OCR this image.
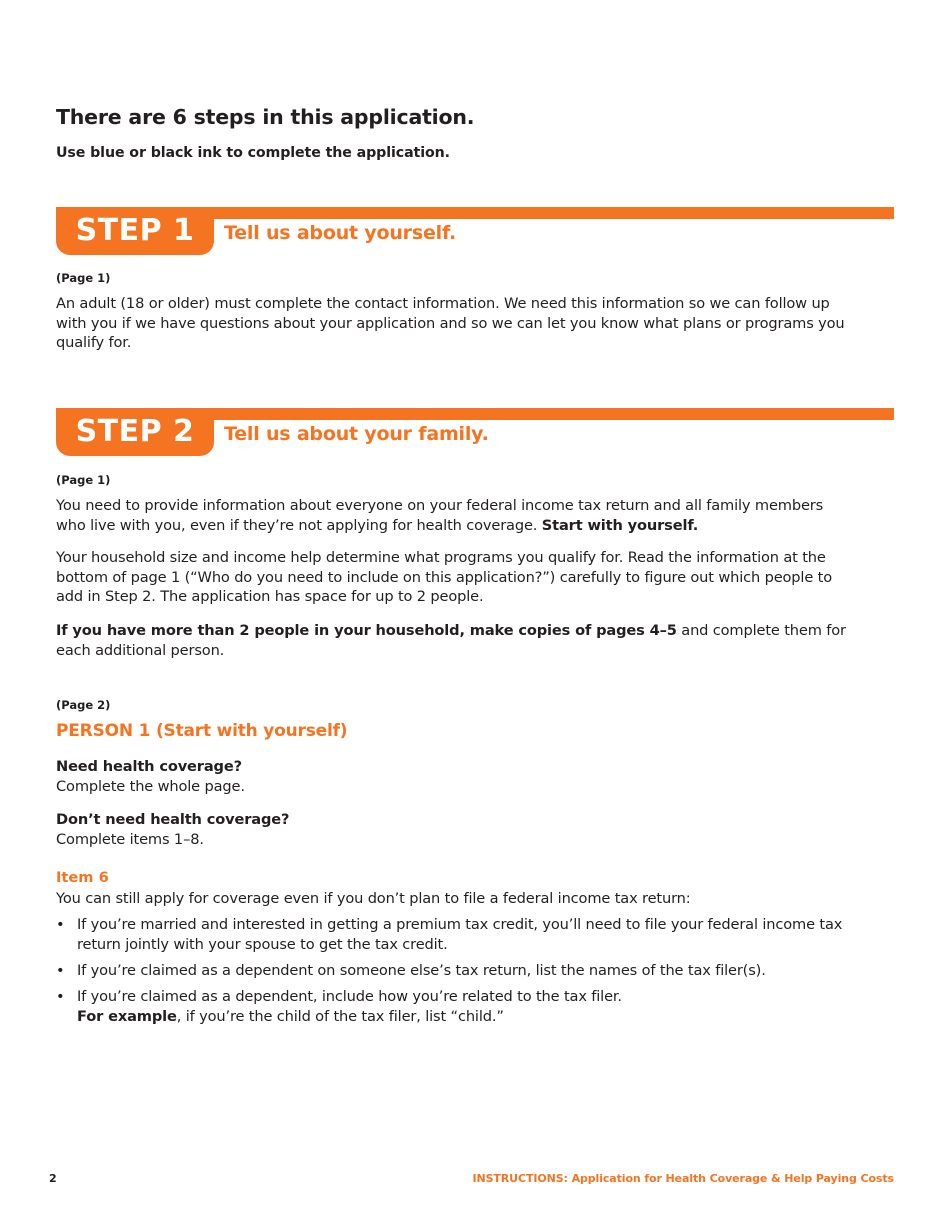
There are 6 steps in this application.
Use blue or black ink to complete the application.
STEP 1	Tell us about yourself.
(Page 1)
An adult (18 or older) must complete the contact information. We need this information so we can follow up with you if we have questions about your application and so we can let you know what plans or programs you qualify for.
STEP 2	Tell us about your family.
(Page 1)
You need to provide information about everyone on your federal income tax return and all family members who live with you, even if they’re not applying for health coverage. Start with yourself.
Your household size and income help determine what programs you qualify for. Read the information at the bottom of page 1 (“Who do you need to include on this application?”) carefully to figure out which people to add in Step 2. The application has space for up to 2 people.
If you have more than 2 people in your household, make copies of pages 4–5 and complete them for each additional person.
(Page 2)
PERSON 1 (Start with yourself)
Need health coverage?
Complete the whole page.
Don’t need health coverage?
Complete items 1–8.
Item 6
You can still apply for coverage even if you don’t plan to file a federal income tax return:
• If you’re married and interested in getting a premium tax credit, you’ll need to file your federal income tax return jointly with your spouse to get the tax credit.
• If you’re claimed as a dependent on someone else’s tax return, list the names of the tax filer(s).
• If you’re claimed as a dependent, include how you’re related to the tax filer.
For example, if you’re the child of the tax filer, list “child.”
2	INSTRUCTIONS: Application for Health Coverage & Help Paying Costs
